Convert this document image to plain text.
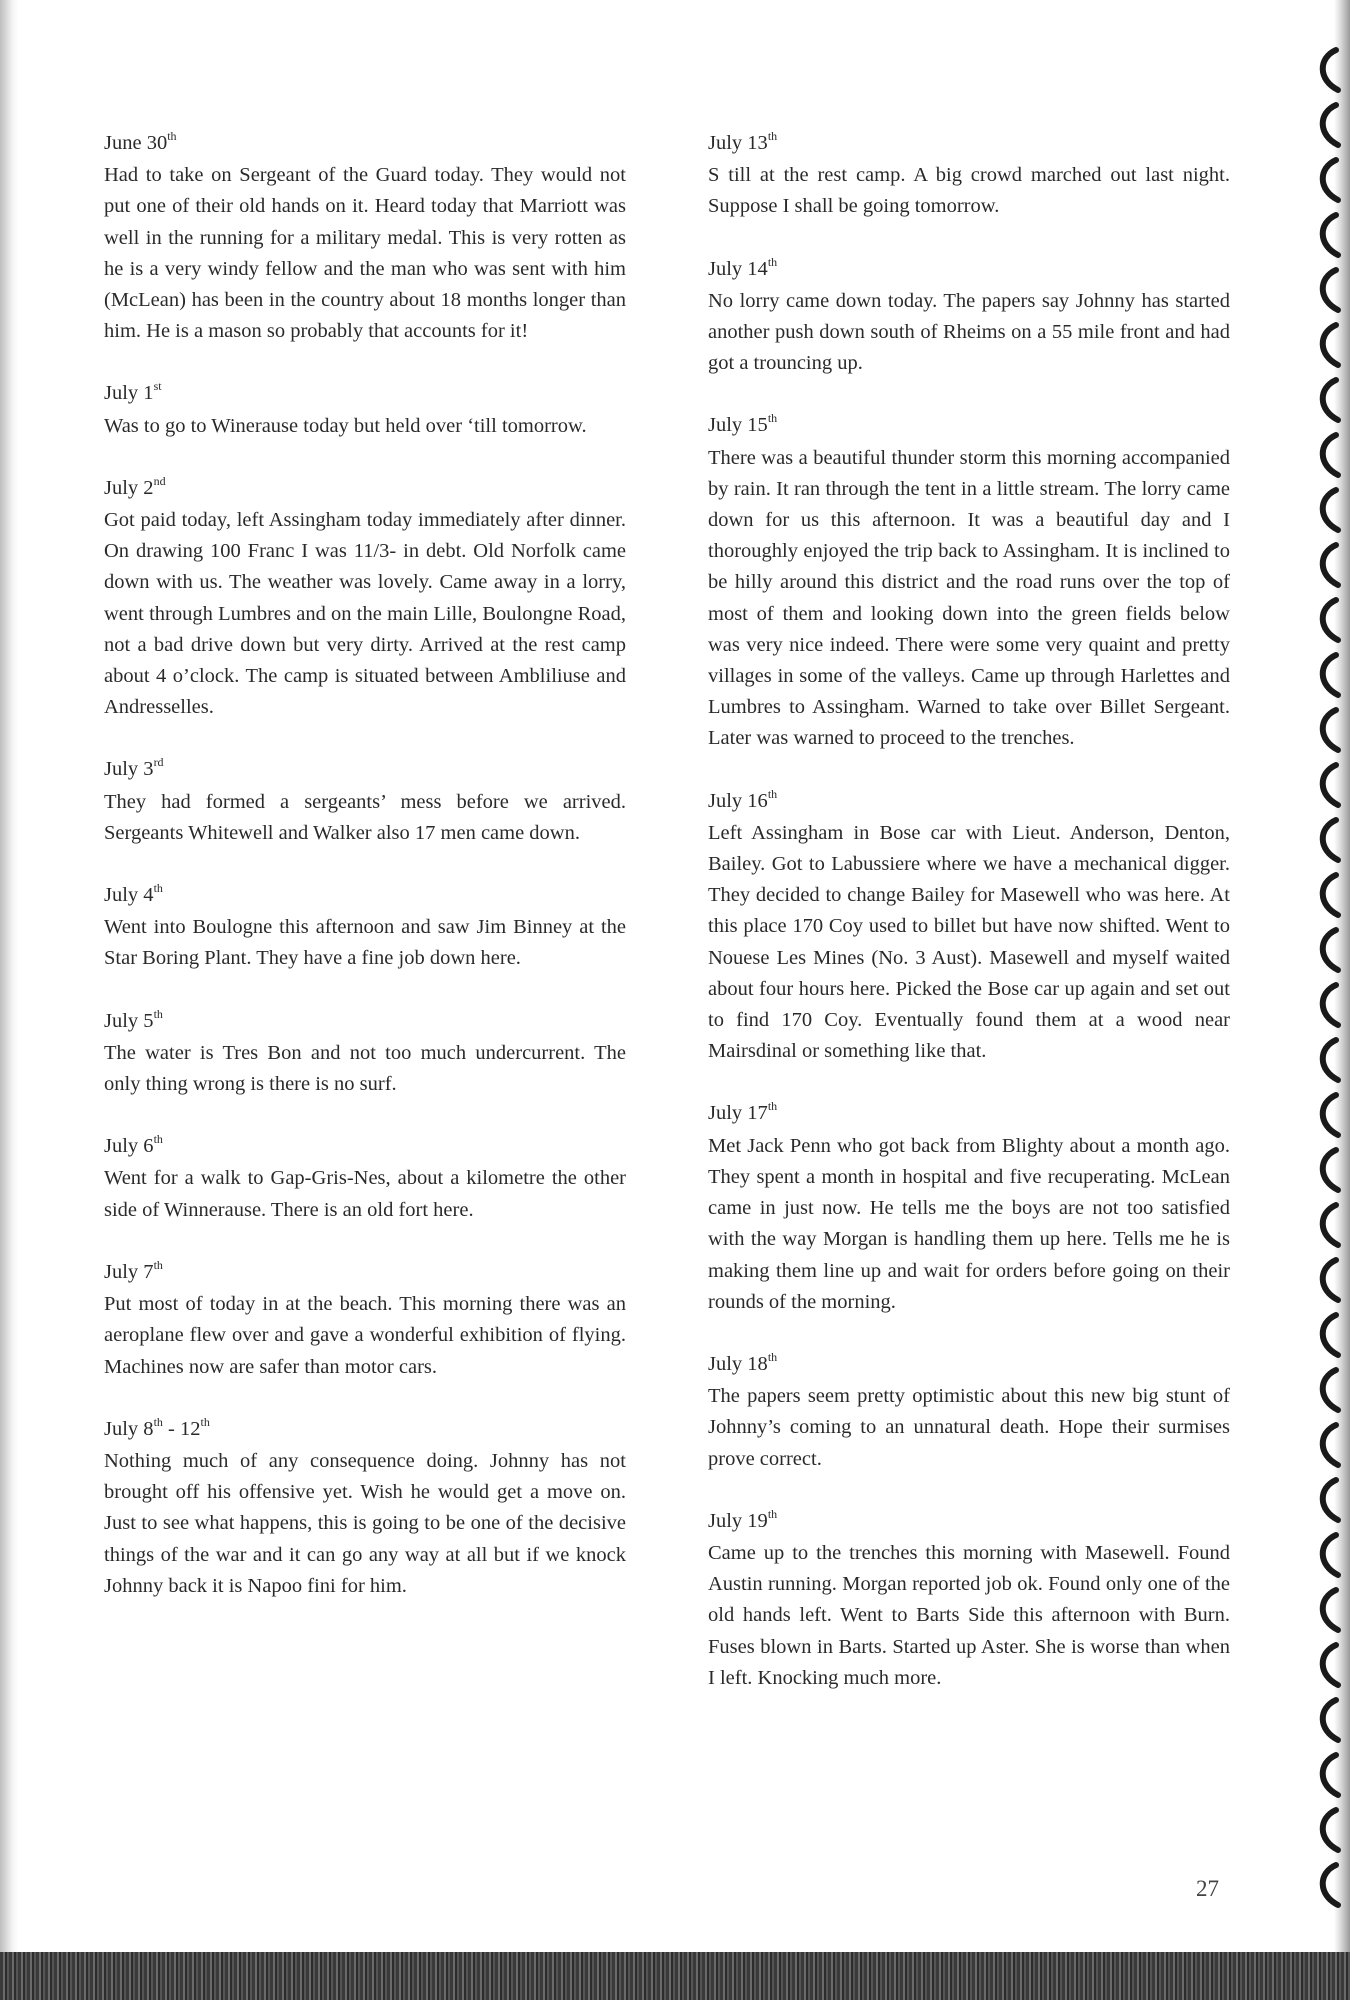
June 30th
Had to take on Sergeant of the Guard today. They would not put one of their old hands on it. Heard today that Marriott was well in the running for a military medal. This is very rotten as he is a very windy fellow and the man who was sent with him (McLean) has been in the country about 18 months longer than him. He is a mason so probably that accounts for it!
July 1st
Was to go to Winerause today but held over ‘till tomorrow.
July 2nd
Got paid today, left Assingham today immediately after dinner. On drawing 100 Franc I was 11/3- in debt. Old Norfolk came down with us. The weather was lovely. Came away in a lorry, went through Lumbres and on the main Lille, Boulongne Road, not a bad drive down but very dirty. Arrived at the rest camp about 4 o’clock. The camp is situated between Ambliliuse and Andresselles.
July 3rd
They had formed a sergeants’ mess before we arrived. Sergeants Whitewell and Walker also 17 men came down.
July 4th
Went into Boulogne this afternoon and saw Jim Binney at the Star Boring Plant. They have a fine job down here.
July 5th
The water is Tres Bon and not too much undercurrent. The only thing wrong is there is no surf.
July 6th
Went for a walk to Gap-Gris-Nes, about a kilometre the other side of Winnerause. There is an old fort here.
July 7th
Put most of today in at the beach. This morning there was an aeroplane flew over and gave a wonderful exhibition of flying. Machines now are safer than motor cars.
July 8th - 12th
Nothing much of any consequence doing. Johnny has not brought off his offensive yet. Wish he would get a move on. Just to see what happens, this is going to be one of the decisive things of the war and it can go any way at all but if we knock Johnny back it is Napoo fini for him.
July 13th
S till at the rest camp. A big crowd marched out last night. Suppose I shall be going tomorrow.
July 14th
No lorry came down today. The papers say Johnny has started another push down south of Rheims on a 55 mile front and had got a trouncing up.
July 15th
There was a beautiful thunder storm this morning accompanied by rain. It ran through the tent in a little stream. The lorry came down for us this afternoon. It was a beautiful day and I thoroughly enjoyed the trip back to Assingham. It is inclined to be hilly around this district and the road runs over the top of most of them and looking down into the green fields below was very nice indeed. There were some very quaint and pretty villages in some of the valleys. Came up through Harlettes and Lumbres to Assingham. Warned to take over Billet Sergeant. Later was warned to proceed to the trenches.
July 16th
Left Assingham in Bose car with Lieut. Anderson, Denton, Bailey. Got to Labussiere where we have a mechanical digger. They decided to change Bailey for Masewell who was here. At this place 170 Coy used to billet but have now shifted. Went to Nouese Les Mines (No. 3 Aust). Masewell and myself waited about four hours here. Picked the Bose car up again and set out to find 170 Coy. Eventually found them at a wood near Mairsdinal or something like that.
July 17th
Met Jack Penn who got back from Blighty about a month ago. They spent a month in hospital and five recuperating. McLean came in just now. He tells me the boys are not too satisfied with the way Morgan is handling them up here. Tells me he is making them line up and wait for orders before going on their rounds of the morning.
July 18th
The papers seem pretty optimistic about this new big stunt of Johnny’s coming to an unnatural death. Hope their surmises prove correct.
July 19th
Came up to the trenches this morning with Masewell. Found Austin running. Morgan reported job ok. Found only one of the old hands left. Went to Barts Side this afternoon with Burn. Fuses blown in Barts. Started up Aster. She is worse than when I left. Knocking much more.
27
